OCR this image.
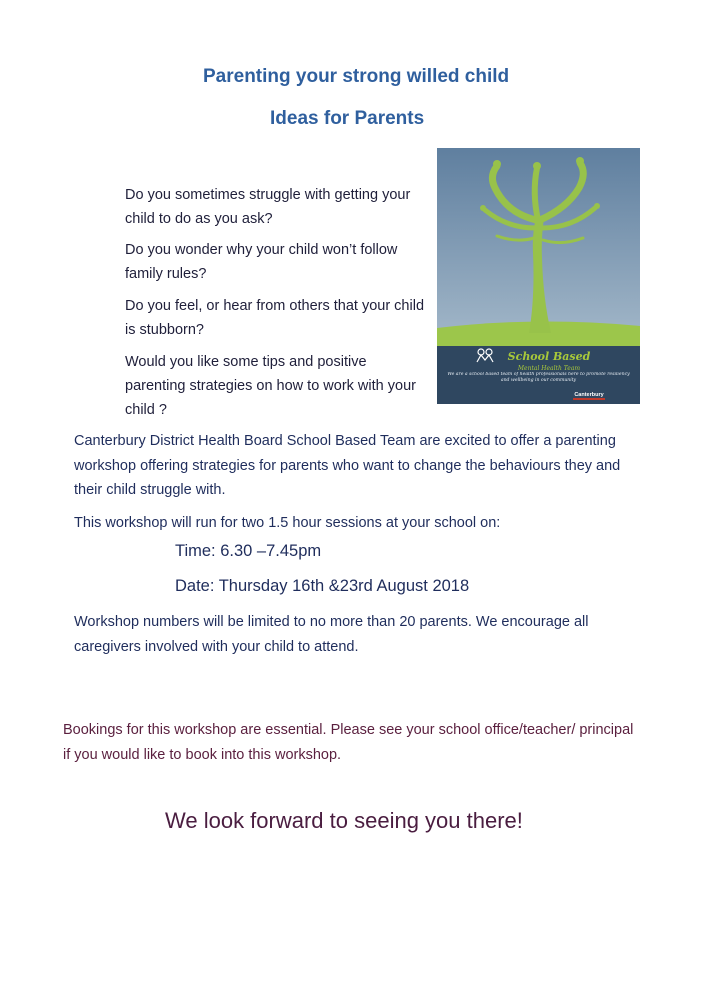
Parenting your strong willed child
Ideas for Parents
Do you sometimes struggle with getting your child to do as you ask?
Do you wonder why your child won’t follow family rules?
Do you feel, or hear from others that your child is stubborn?
Would you like some tips and positive parenting strategies on how to work with your child ?
School Based
Mental Health Team
We are a school based team of health professionals here to promote resiliency and wellbeing in our community
Canterbury
Canterbury District Health Board School Based Team are excited to offer a parenting workshop offering strategies for parents who want to change the behaviours they and their child struggle with.
This workshop will run for two 1.5 hour sessions at your school on:
Time: 6.30 –7.45pm
Date: Thursday 16th &23rd August 2018
Workshop numbers will be limited to no more than 20 parents. We encourage all caregivers involved with your child to attend.
Bookings for this workshop are essential. Please see your school office/teacher/ principal if you would like to book into this workshop.
We look forward to seeing you there!
